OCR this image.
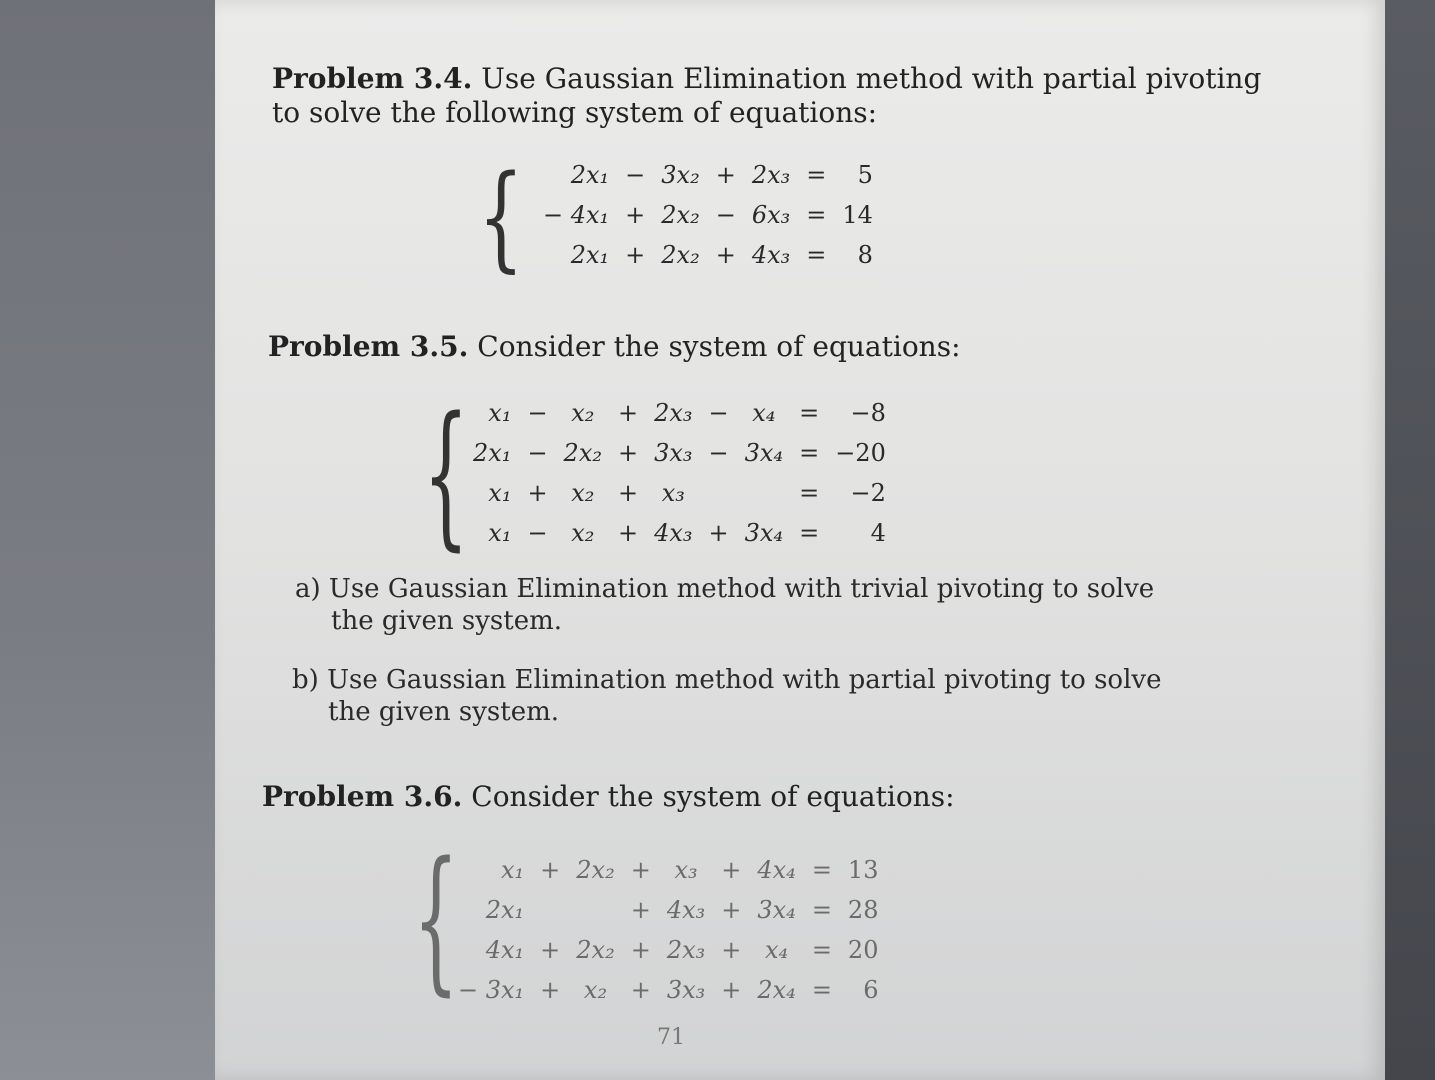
Problem 3.4. Use Gaussian Elimination method with partial pivoting
to solve the following system of equations:
{ 2x₁	−	3x₂	+	2x₃	=	5
− 4x₁	+	2x₂	−	6x₃	=	14
2x₁	+	2x₂	+	4x₃	=	8
Problem 3.5. Consider the system of equations:
{ x₁	−	x₂	+	2x₃	−	x₄	=	−8
2x₁	−	2x₂	+	3x₃	−	3x₄	=	−20
x₁	+	x₂	+	x₃			=	−2
x₁	−	x₂	+	4x₃	+	3x₄	=	4
a) Use Gaussian Elimination method with trivial pivoting to solve
the given system.
b) Use Gaussian Elimination method with partial pivoting to solve
the given system.
Problem 3.6. Consider the system of equations:
{ x₁	+	2x₂	+	x₃	+	4x₄	=	13
2x₁			+	4x₃	+	3x₄	=	28
4x₁	+	2x₂	+	2x₃	+	x₄	=	20
− 3x₁	+	x₂	+	3x₃	+	2x₄	=	6
71
